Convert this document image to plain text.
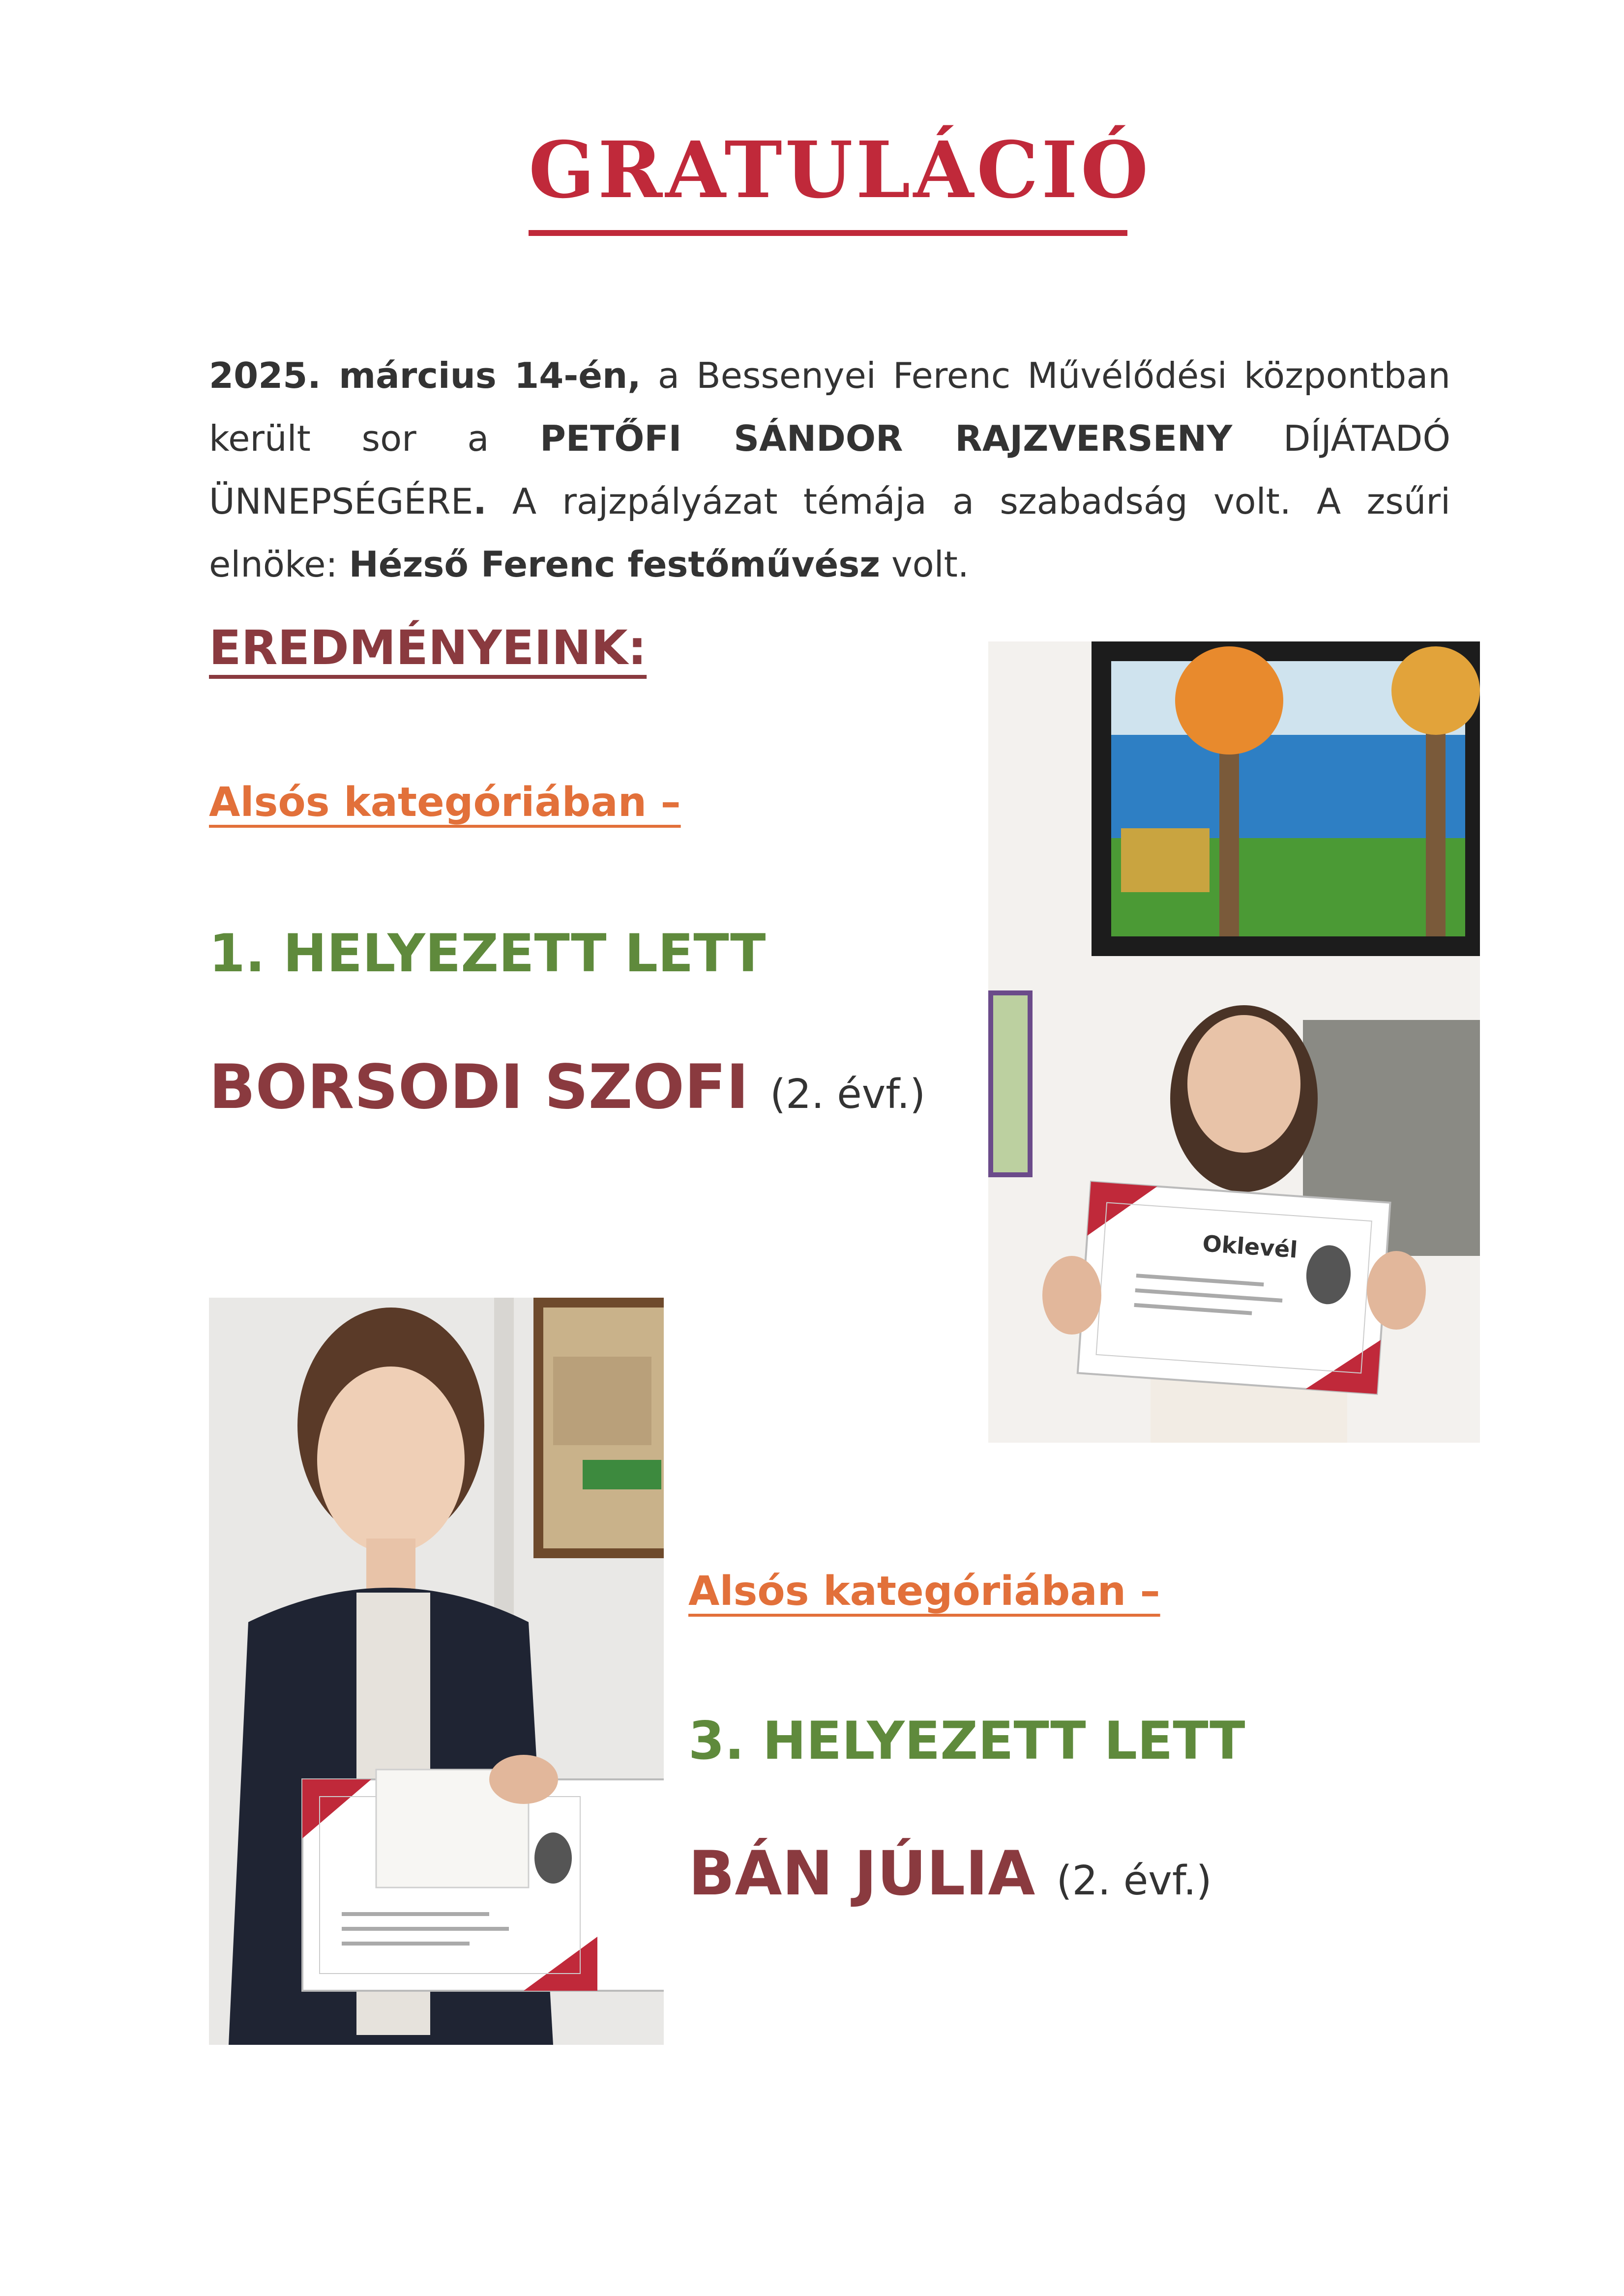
GRATULÁCIÓ

2025. március 14-én, a Bessenyei Ferenc Művélődési központban került sor a PETŐFI SÁNDOR RAJZVERSENY DÍJÁTADÓ ÜNNEPSÉGÉRE. A rajzpályázat témája a szabadság volt. A zsűri elnöke: Hézső Ferenc festőművész volt.

EREDMÉNYEINK:
Alsós kategóriában –
1. HELYEZETT LETT
BORSODI SZOFI (2. évf.)
Alsós kategóriában –
3. HELYEZETT LETT
BÁN JÚLIA (2. évf.)
Oklevél
